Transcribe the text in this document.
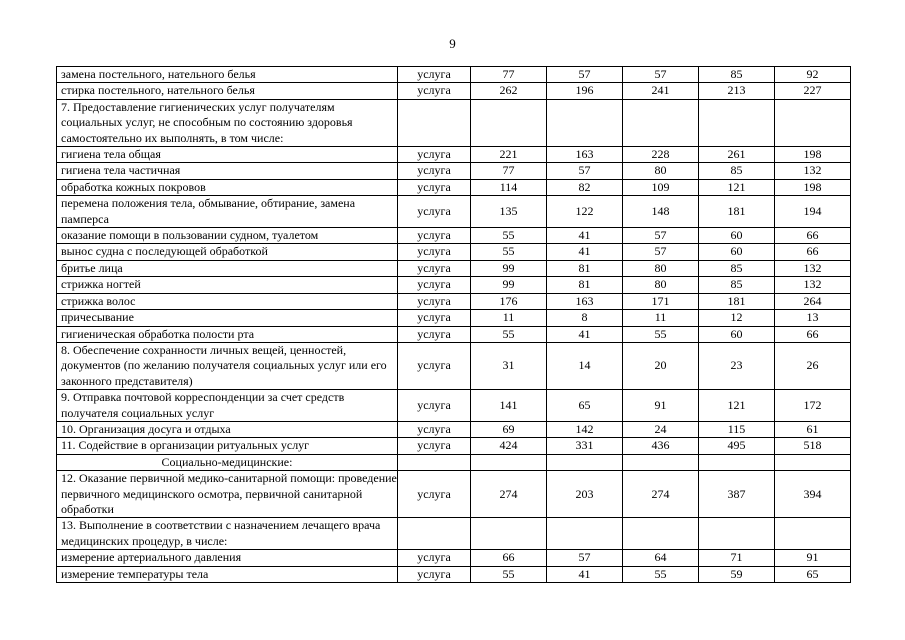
9
замена постельного, нательного белья	услуга	77	57	57	85	92
стирка постельного, нательного белья	услуга	262	196	241	213	227
7. Предоставление гигиенических услуг получателям социальных услуг, не способным по состоянию здоровья самостоятельно их выполнять, в том числе:						
гигиена тела общая	услуга	221	163	228	261	198
гигиена тела частичная	услуга	77	57	80	85	132
обработка кожных покровов	услуга	114	82	109	121	198
перемена положения тела, обмывание, обтирание, замена памперса	услуга	135	122	148	181	194
оказание помощи в пользовании судном, туалетом	услуга	55	41	57	60	66
вынос судна с последующей обработкой	услуга	55	41	57	60	66
бритье лица	услуга	99	81	80	85	132
стрижка ногтей	услуга	99	81	80	85	132
стрижка волос	услуга	176	163	171	181	264
причесывание	услуга	11	8	11	12	13
гигиеническая обработка полости рта	услуга	55	41	55	60	66
8. Обеспечение сохранности личных вещей, ценностей, документов (по желанию получателя социальных услуг или его законного представителя)	услуга	31	14	20	23	26
9. Отправка почтовой корреспонденции за счет средств получателя социальных услуг	услуга	141	65	91	121	172
10. Организация досуга и отдыха	услуга	69	142	24	115	61
11. Содействие в организации ритуальных услуг	услуга	424	331	436	495	518
Социально-медицинские:						
12. Оказание первичной медико-санитарной помощи: проведение первичного медицинского осмотра, первичной санитарной обработки	услуга	274	203	274	387	394
13. Выполнение в соответствии с назначением лечащего врача медицинских процедур, в числе:						
измерение артериального давления	услуга	66	57	64	71	91
измерение температуры тела	услуга	55	41	55	59	65
